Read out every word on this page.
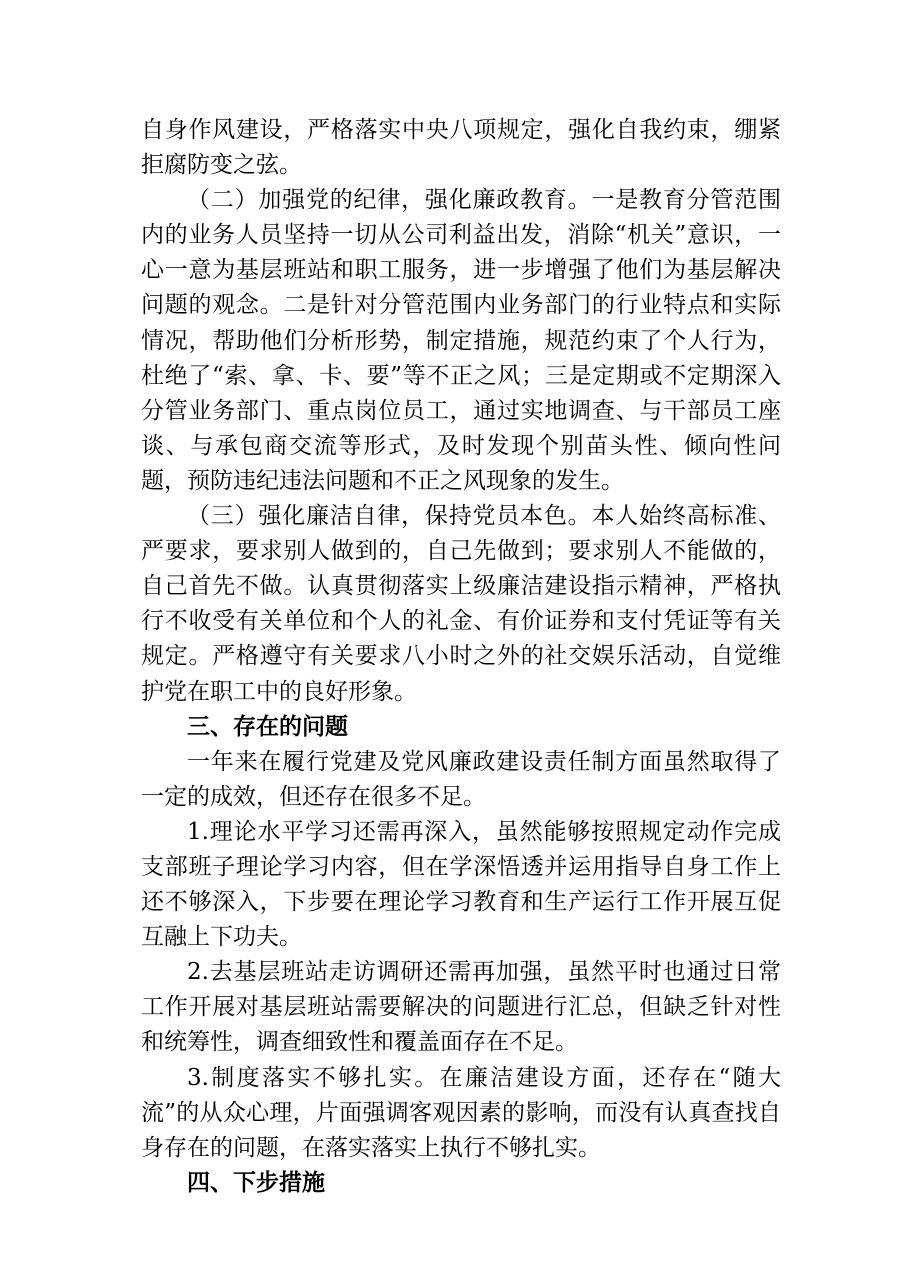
自身作风建设，严格落实中央八项规定，强化自我约束，绷紧拒腐防变之弦。

（二）加强党的纪律，强化廉政教育。一是教育分管范围内的业务人员坚持一切从公司利益出发，消除“机关”意识，一心一意为基层班站和职工服务，进一步增强了他们为基层解决问题的观念。二是针对分管范围内业务部门的行业特点和实际情况，帮助他们分析形势，制定措施，规范约束了个人行为，杜绝了“索、拿、卡、要”等不正之风；三是定期或不定期深入分管业务部门、重点岗位员工，通过实地调查、与干部员工座谈、与承包商交流等形式，及时发现个别苗头性、倾向性问题，预防违纪违法问题和不正之风现象的发生。

（三）强化廉洁自律，保持党员本色。本人始终高标准、严要求，要求别人做到的，自己先做到；要求别人不能做的，自己首先不做。认真贯彻落实上级廉洁建设指示精神，严格执行不收受有关单位和个人的礼金、有价证券和支付凭证等有关规定。严格遵守有关要求八小时之外的社交娱乐活动，自觉维护党在职工中的良好形象。

三、存在的问题

一年来在履行党建及党风廉政建设责任制方面虽然取得了一定的成效，但还存在很多不足。

1.理论水平学习还需再深入，虽然能够按照规定动作完成支部班子理论学习内容，但在学深悟透并运用指导自身工作上还不够深入，下步要在理论学习教育和生产运行工作开展互促互融上下功夫。

2.去基层班站走访调研还需再加强，虽然平时也通过日常工作开展对基层班站需要解决的问题进行汇总，但缺乏针对性和统筹性，调查细致性和覆盖面存在不足。

3.制度落实不够扎实。在廉洁建设方面，还存在“随大流”的从众心理，片面强调客观因素的影响，而没有认真查找自身存在的问题，在落实落实上执行不够扎实。

四、下步措施
